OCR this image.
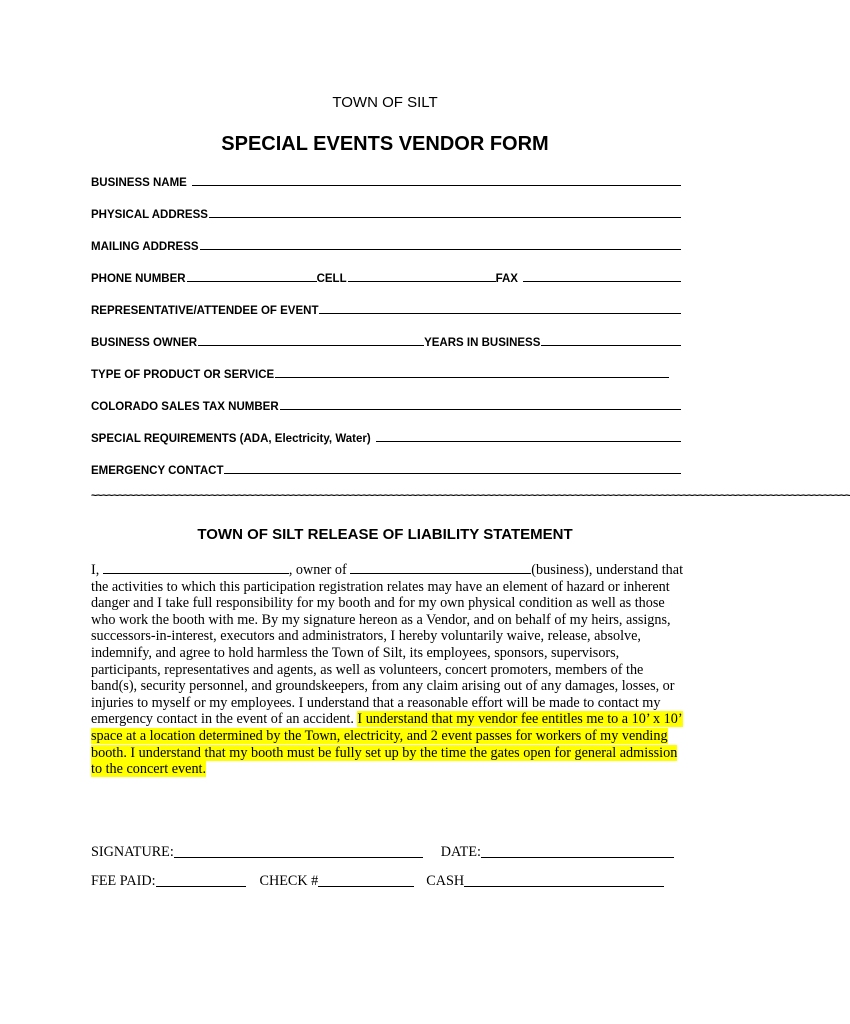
TOWN OF SILT
SPECIAL EVENTS VENDOR FORM
BUSINESS NAME
PHYSICAL ADDRESS
MAILING ADDRESS
PHONE NUMBER	CELL	FAX
REPRESENTATIVE/ATTENDEE OF EVENT
BUSINESS OWNER	YEARS IN BUSINESS
TYPE OF PRODUCT OR SERVICE
COLORADO SALES TAX NUMBER
SPECIAL REQUIREMENTS (ADA, Electricity, Water)
EMERGENCY CONTACT
~~~~~~~~~~~~~~~~~~~~~~~~~~~~~~~~~~~~~~~~~~~~~~~~~~~~~~~~~~~~~~~~~~~~~~~~~~~~~~~~~~~~~~~~~~~~~~~~~~~~~~~~~~~~~~~~~~~~~~~~~~~~~~~~~~~~~~~~~~~~
TOWN OF SILT RELEASE OF LIABILITY STATEMENT
I,	, owner of	(business), understand that the activities to which this participation registration relates may have an element of hazard or inherent danger and I take full responsibility for my booth and for my own physical condition as well as those who work the booth with me. By my signature hereon as a Vendor, and on behalf of my heirs, assigns, successors-in-interest, executors and administrators, I hereby voluntarily waive, release, absolve, indemnify, and agree to hold harmless the Town of Silt, its employees, sponsors, supervisors, participants, representatives and agents, as well as volunteers, concert promoters, members of the band(s), security personnel, and groundskeepers, from any claim arising out of any damages, losses, or injuries to myself or my employees. I understand that a reasonable effort will be made to contact my emergency contact in the event of an accident. I understand that my vendor fee entitles me to a 10’ x 10’ space at a location determined by the Town, electricity, and 2 event passes for workers of my vending booth. I understand that my booth must be fully set up by the time the gates open for general admission to the concert event.
SIGNATURE:	DATE:
FEE PAID:	CHECK #	CASH
